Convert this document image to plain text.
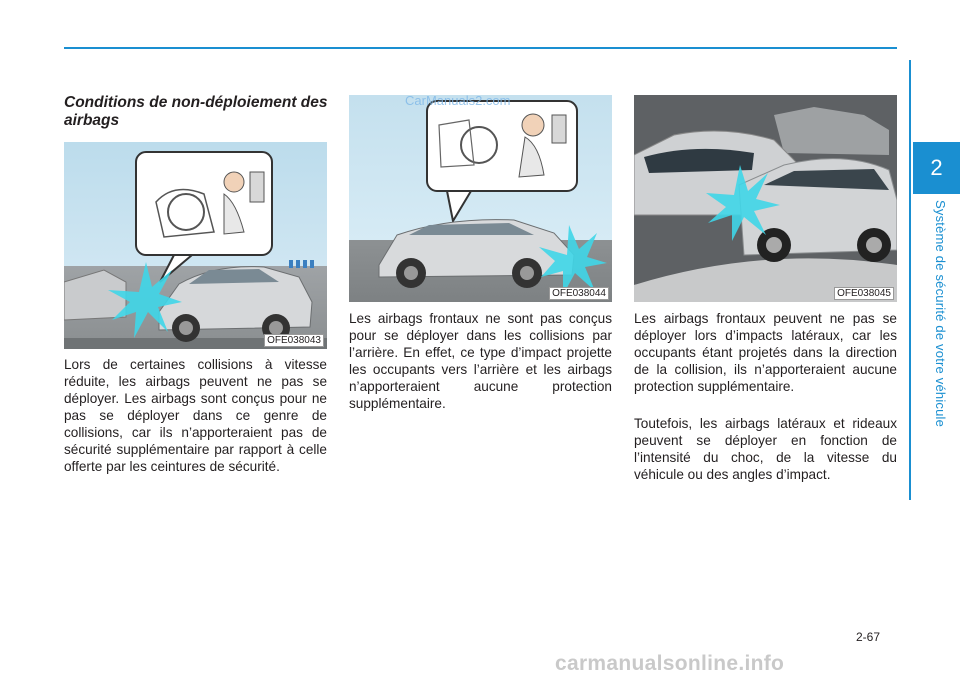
2
Système de sécurité de votre véhicule
Conditions de non-déploiement des airbags
OFE038043
Lors de certaines collisions à vitesse réduite, les airbags peuvent ne pas se déployer. Les airbags sont conçus pour ne pas se déployer dans ce genre de collisions, car ils n’apporteraient pas de sécurité supplémentaire par rapport à celle offerte par les ceintures de sécurité.
OFE038044
Les airbags frontaux ne sont pas conçus pour se déployer dans les collisions par l’arrière. En effet, ce type d’impact projette les occupants vers l’arrière et les airbags n’apporteraient aucune protection supplémentaire.
OFE038045
Les airbags frontaux peuvent ne pas se déployer lors d’impacts latéraux, car les occupants étant projetés dans la direction de la collision, ils n’apporteraient aucune protection supplémentaire.
Toutefois, les airbags latéraux et rideaux peuvent se déployer en fonction de l’intensité du choc, de la vitesse du véhicule ou des angles d’impact.
2-67
CarManuals2.com
carmanualsonline.info
